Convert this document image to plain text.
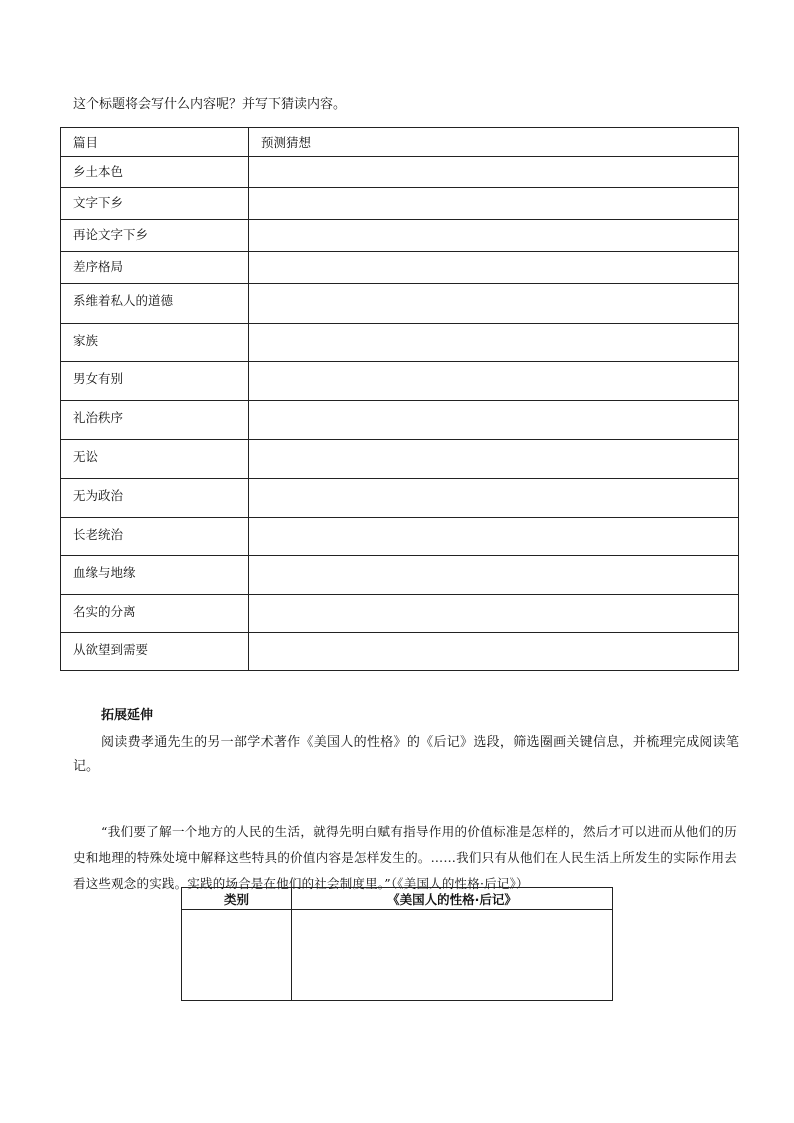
这个标题将会写什么内容呢？并写下猜读内容。
篇目	预测猜想

乡土本色	

文字下乡	

再论文字下乡	

差序格局	

系维着私人的道德	

家族	

男女有别	

礼治秩序	

无讼	

无为政治	

长老统治	

血缘与地缘	

名实的分离	

从欲望到需要	

拓展延伸
阅读费孝通先生的另一部学术著作《美国人的性格》的《后记》选段，筛选圈画关键信息，并梳理完成阅读笔记。
“我们要了解一个地方的人民的生活，就得先明白赋有指导作用的价值标准是怎样的，然后才可以进而从他们的历史和地理的特殊处境中解释这些特具的价值内容是怎样发生的。……我们只有从他们在人民生活上所发生的实际作用去看这些观念的实践。实践的场合是在他们的社会制度里。”（《美国人的性格·后记》）
类别	《美国人的性格·后记》
